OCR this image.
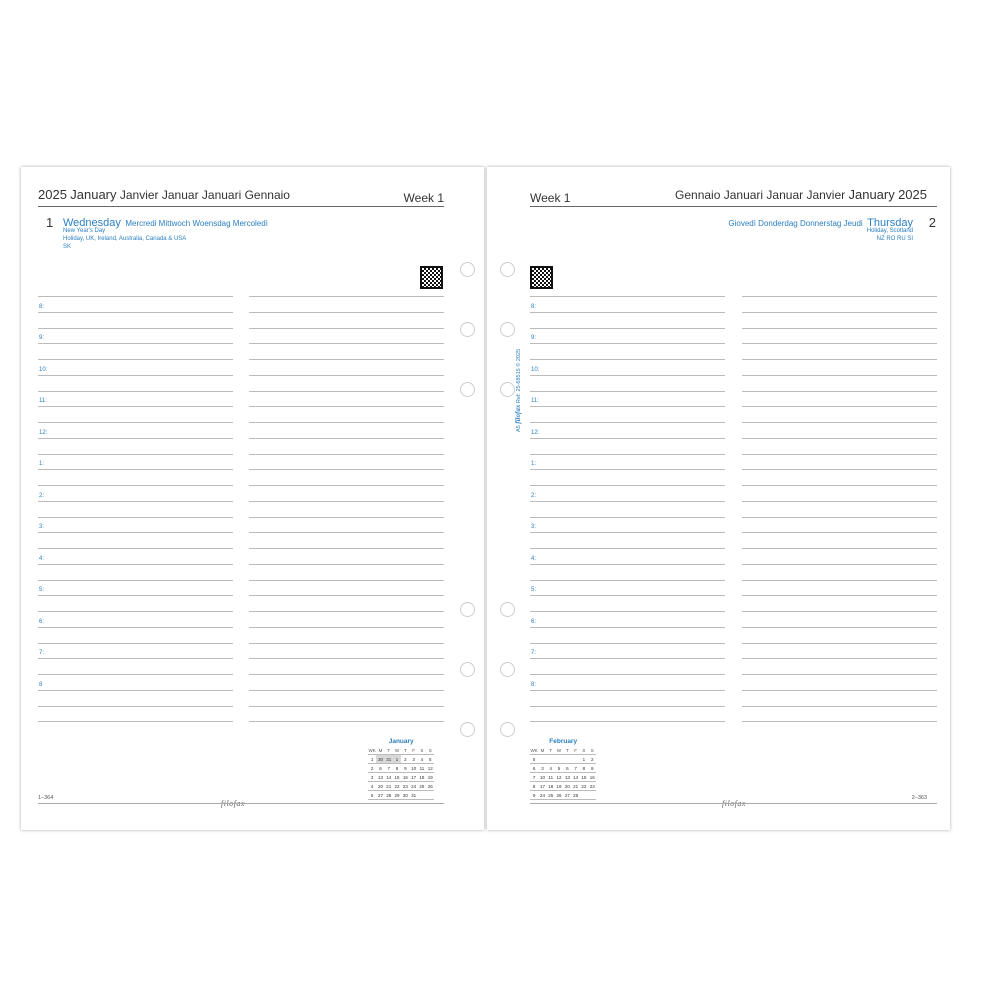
2025 January Janvier Januar Januari Gennaio	Week 1
1 Wednesday Mercredi Mittwoch Woensdag Mercoledì
New Year's Day
Holiday, UK, Ireland, Australia, Canada & USA
SK
8:
9:
10:
11:
12:
1:
2:
3:
4:
5:
6:
7:
8
January
WK	M	T	W	T	F	S	S
1	30	31	1	2	3	4	5
2	6	7	8	9	10	11	12
3	13	14	15	16	17	18	19
4	20	21	22	23	24	25	26
5	27	28	29	30	31		
1–364
Week 1	Gennaio Januari Januar Janvier January 2025
Giovedì Donderdag Donnerstag Jeudi Thursday 2
Holiday, Scotland
NZ RO RU SI
8:
9:
10:
11:
12:
1:
2:
3:
4:
5:
6:
7:
8:
A5 filofax Ref: 25-68515 © 2025
February
WK	M	T	W	T	F	S	S
5						1	2
6	3	4	5	6	7	8	9
7	10	11	12	13	14	15	16
8	17	18	19	20	21	22	23
9	24	25	26	27	28			2–363
